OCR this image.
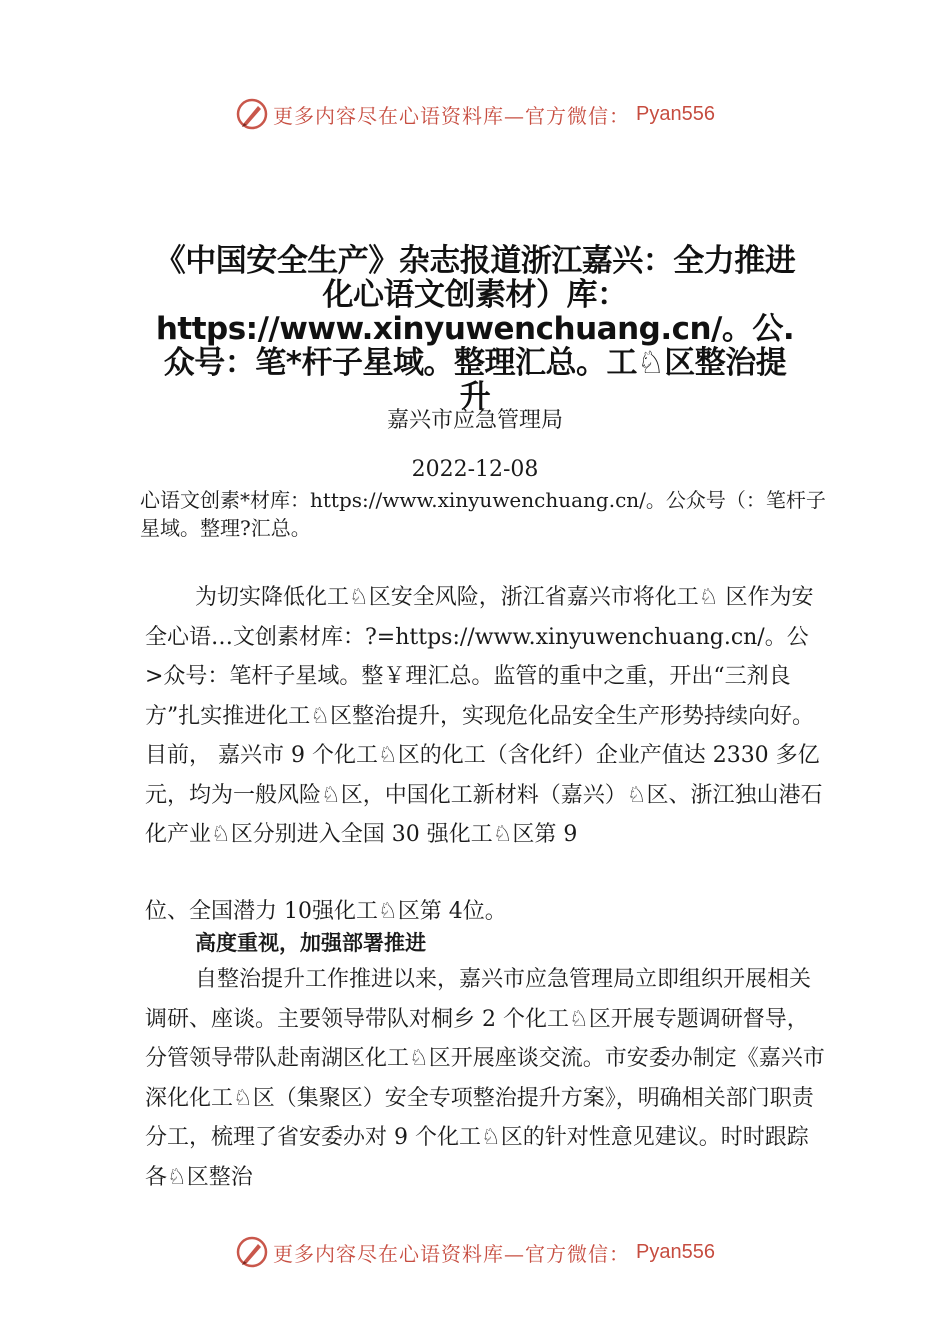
更多内容尽在心语资料库—官方微信： Pyan556
《中国安全生产》杂志报道浙江嘉兴：全力推进化心语文创素材）库：https://www.xinyuwenchuang.cn/。公.众号：笔*杆子星域。整理汇总。工♘区整治提升
嘉兴市应急管理局
2022-12-08
心语文创素*材库：https://www.xinyuwenchuang.cn/。公众号（：笔杆子星域。整理?汇总。
为切实降低化工♘区安全风险，浙江省嘉兴市将化工♘ 区作为安全心语…文创素材库：?=https://www.xinyuwenchuang.cn/。公>众号：笔杆子星域。整￥理汇总。监管的重中之重，开出“三剂良方”扎实推进化工♘区整治提升，实现危化品安全生产形势持续向好。目前， 嘉兴市 9 个化工♘区的化工（含化纤）企业产值达 2330 多亿元，均为一般风险♘区，中国化工新材料（嘉兴）♘区、浙江独山港石化产业♘区分别进入全国 30 强化工♘区第 9
位、全国潜力 10强化工♘区第 4位。
高度重视，加强部署推进
自整治提升工作推进以来，嘉兴市应急管理局立即组织开展相关调研、座谈。主要领导带队对桐乡 2 个化工♘区开展专题调研督导，分管领导带队赴南湖区化工♘区开展座谈交流。市安委办制定《嘉兴市深化化工♘区（集聚区）安全专项整治提升方案》，明确相关部门职责分工，梳理了省安委办对 9 个化工♘区的针对性意见建议。时时跟踪各♘区整治
更多内容尽在心语资料库—官方微信： Pyan556
